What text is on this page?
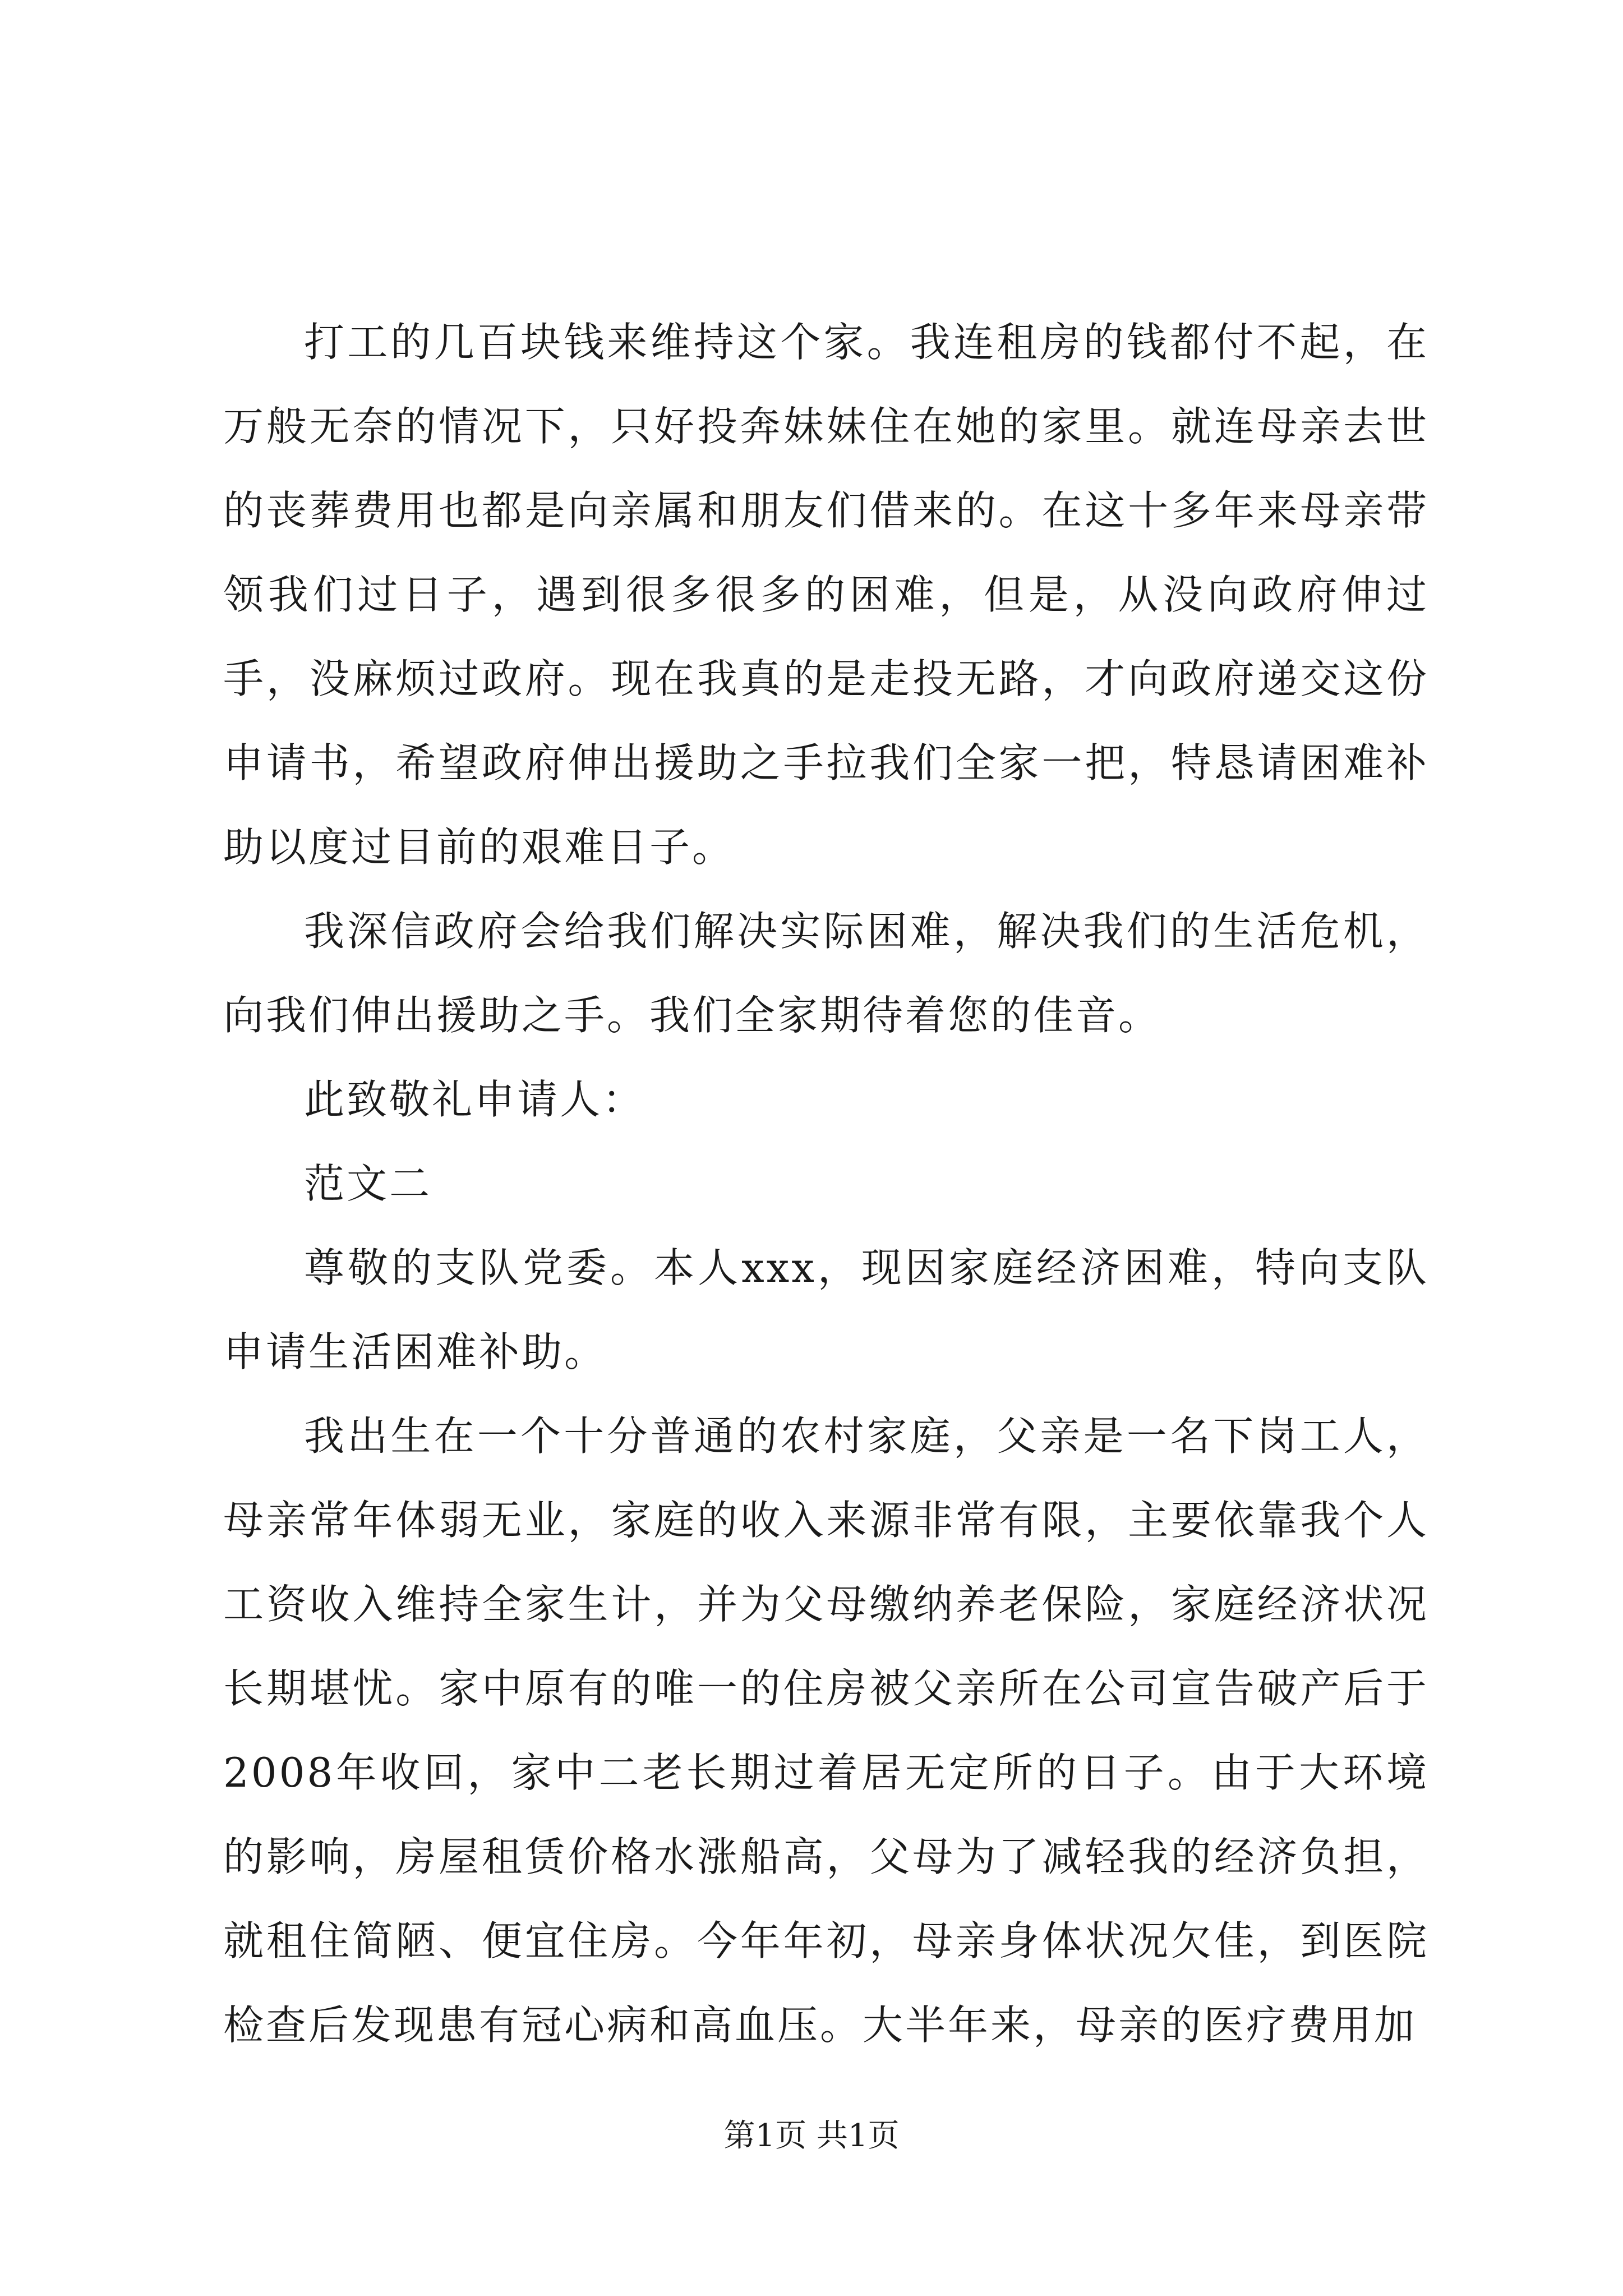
打工的几百块钱来维持这个家。我连租房的钱都付不起，在万般无奈的情况下，只好投奔妹妹住在她的家里。就连母亲去世的丧葬费用也都是向亲属和朋友们借来的。在这十多年来母亲带领我们过日子，遇到很多很多的困难，但是，从没向政府伸过手，没麻烦过政府。现在我真的是走投无路，才向政府递交这份申请书，希望政府伸出援助之手拉我们全家一把，特恳请困难补助以度过目前的艰难日子。

我深信政府会给我们解决实际困难，解决我们的生活危机，向我们伸出援助之手。我们全家期待着您的佳音。

此致敬礼申请人：

范文二

尊敬的支队党委。本人xxx，现因家庭经济困难，特向支队申请生活困难补助。

我出生在一个十分普通的农村家庭，父亲是一名下岗工人，母亲常年体弱无业，家庭的收入来源非常有限，主要依靠我个人工资收入维持全家生计，并为父母缴纳养老保险，家庭经济状况长期堪忧。家中原有的唯一的住房被父亲所在公司宣告破产后于2008年收回，家中二老长期过着居无定所的日子。由于大环境的影响，房屋租赁价格水涨船高，父母为了减轻我的经济负担，就租住简陋、便宜住房。今年年初，母亲身体状况欠佳，到医院检查后发现患有冠心病和高血压。大半年来，母亲的医疗费用加

第1页 共1页
